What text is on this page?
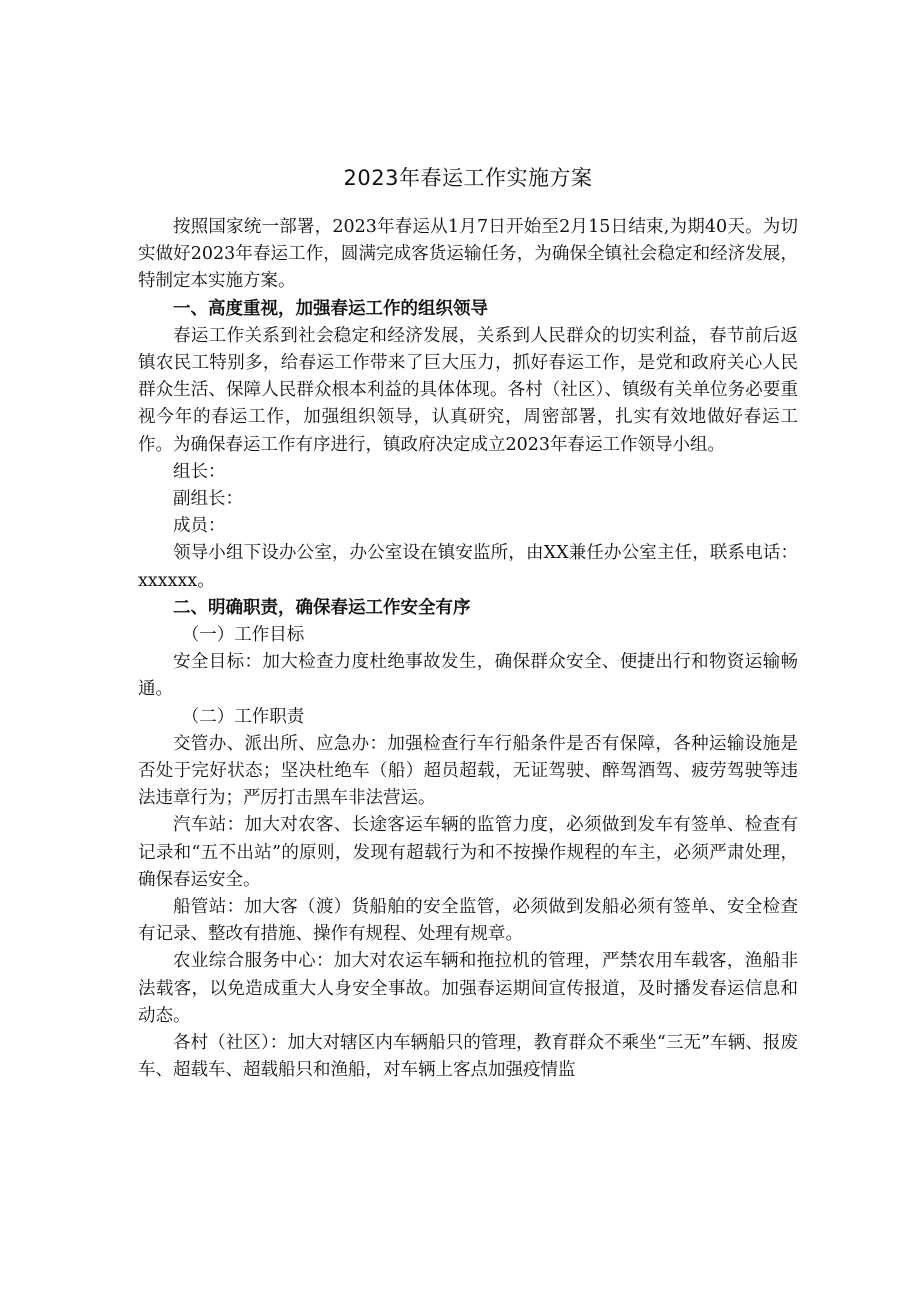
2023年春运工作实施方案

按照国家统一部署，2023年春运从1月7日开始至2月15日结束,为期40天。为切实做好2023年春运工作，圆满完成客货运输任务，为确保全镇社会稳定和经济发展，特制定本实施方案。

一、高度重视，加强春运工作的组织领导

春运工作关系到社会稳定和经济发展，关系到人民群众的切实利益，春节前后返镇农民工特别多，给春运工作带来了巨大压力，抓好春运工作，是党和政府关心人民群众生活、保障人民群众根本利益的具体体现。各村（社区）、镇级有关单位务必要重视今年的春运工作，加强组织领导，认真研究，周密部署，扎实有效地做好春运工作。为确保春运工作有序进行，镇政府决定成立2023年春运工作领导小组。

组长：

副组长：

成员：

领导小组下设办公室，办公室设在镇安监所，由XX兼任办公室主任，联系电话：xxxxxx。

二、明确职责，确保春运工作安全有序
（一）工作目标

安全目标：加大检查力度杜绝事故发生，确保群众安全、便捷出行和物资运输畅通。

（二）工作职责

交管办、派出所、应急办：加强检查行车行船条件是否有保障，各种运输设施是否处于完好状态；坚决杜绝车（船）超员超载，无证驾驶、醉驾酒驾、疲劳驾驶等违法违章行为；严厉打击黑车非法营运。

汽车站：加大对农客、长途客运车辆的监管力度，必须做到发车有签单、检查有记录和“五不出站”的原则，发现有超载行为和不按操作规程的车主，必须严肃处理，确保春运安全。

船管站：加大客（渡）货船舶的安全监管，必须做到发船必须有签单、安全检查有记录、整改有措施、操作有规程、处理有规章。

农业综合服务中心：加大对农运车辆和拖拉机的管理，严禁农用车载客，渔船非法载客，以免造成重大人身安全事故。加强春运期间宣传报道，及时播发春运信息和动态。

各村（社区）：加大对辖区内车辆船只的管理，教育群众不乘坐“三无”车辆、报废车、超载车、超载船只和渔船，对车辆上客点加强疫情监
